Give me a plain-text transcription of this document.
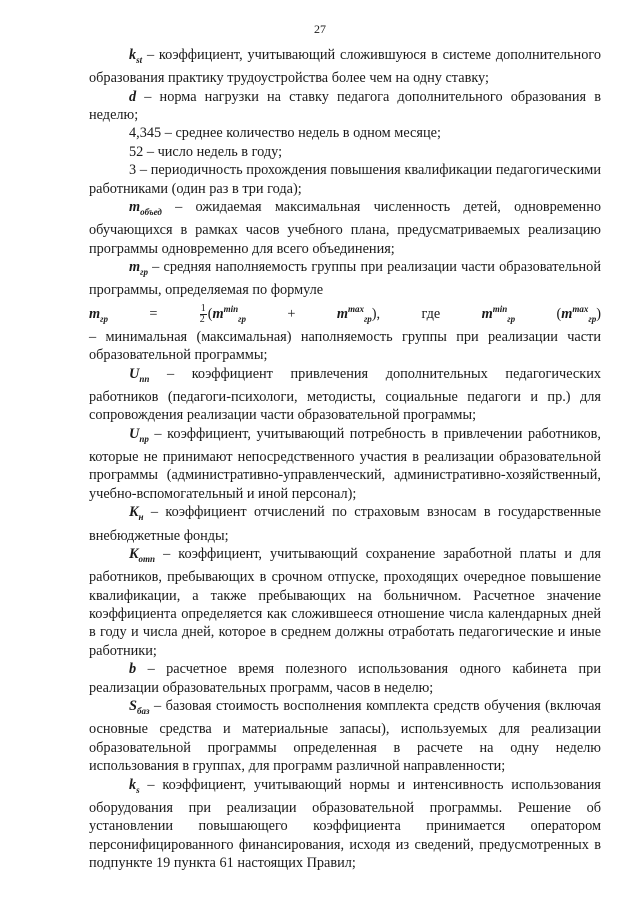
27

$k_{st}$ – коэффициент, учитывающий сложившуюся в системе дополнительного образования практику трудоустройства более чем на одну ставку;

d – норма нагрузки на ставку педагога дополнительного образования в неделю;

4,345 – среднее количество недель в одном месяце;

52 – число недель в году;

3 – периодичность прохождения повышения квалификации педагогическими работниками (один раз в три года);

$m_{объед}$ – ожидаемая максимальная численность детей, одновременно обучающихся в рамках часов учебного плана, предусматриваемых реализацию программы одновременно для всего объединения;

$m_{гр}$ – средняя наполняемость группы при реализации части образовательной программы, определяемая по формуле

$m_{гр} = \frac{1}{2} (m^{min}_{гр} + m^{max}_{гр})$, где	$m^{min}_{гр}$ $(m^{max}_{гр})$

– минимальная (максимальная) наполняемость группы при реализации части образовательной программы;

$U_{пп}$ – коэффициент привлечения дополнительных педагогических работников (педагоги-психологи, методисты, социальные педагоги и пр.) для сопровождения реализации части образовательной программы;

$U_{пр}$ – коэффициент, учитывающий потребность в привлечении работников, которые не принимают непосредственного участия в реализации образовательной программы (административно-управленческий, административно-хозяйственный, учебно-вспомогательный и иной персонал);

$K_н$ – коэффициент отчислений по страховым взносам в государственные внебюджетные фонды;

$K_{отп}$ – коэффициент, учитывающий сохранение заработной платы и для работников, пребывающих в срочном отпуске, проходящих очередное повышение квалификации, а также пребывающих на больничном. Расчетное значение коэффициента определяется как сложившееся отношение числа календарных дней в году и числа дней, которое в среднем должны отработать педагогические и иные работники;

b – расчетное время полезного использования одного кабинета при реализации образовательных программ, часов в неделю;

$S_{баз}$ – базовая стоимость восполнения комплекта средств обучения (включая основные средства и материальные запасы), используемых для реализации образовательной программы определенная в расчете на одну неделю использования в группах, для программ различной направленности;

$k_s$ – коэффициент, учитывающий нормы и интенсивность использования оборудования при реализации образовательной программы. Решение об установлении повышающего коэффициента принимается оператором персонифицированного финансирования, исходя из сведений, предусмотренных в подпункте 19 пункта 61 настоящих Правил;
